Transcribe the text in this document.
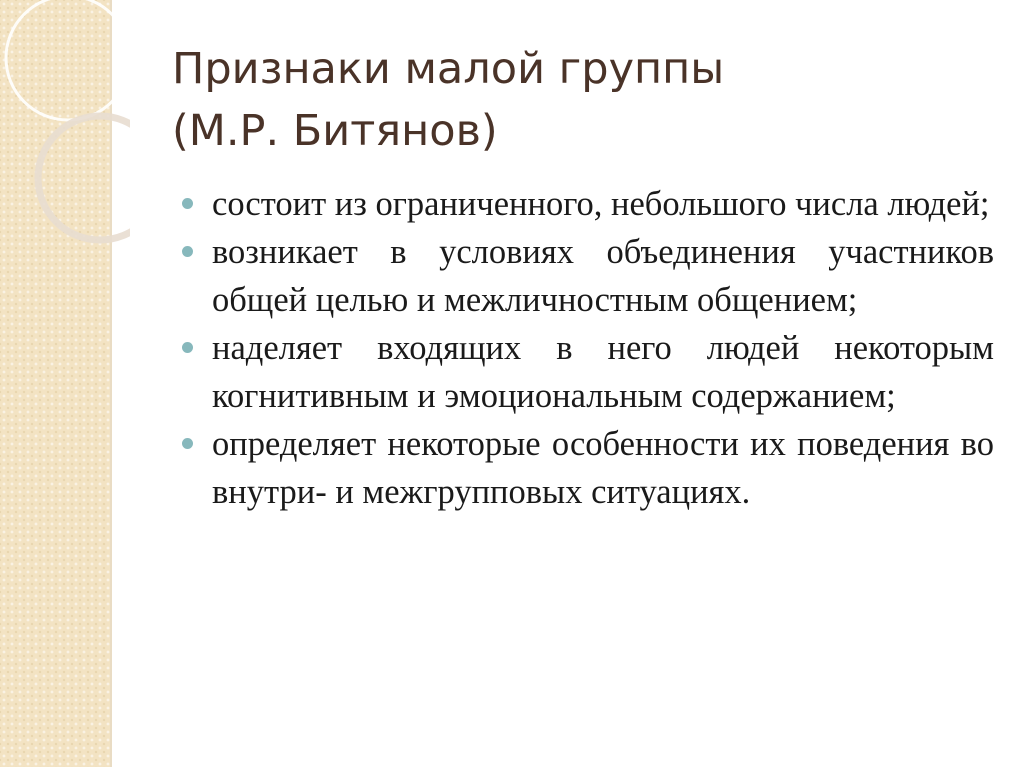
Признаки малой группы
(М.Р. Битянов)
состоит из ограниченного, небольшого числа людей;
возникает в условиях объединения участников общей целью и межличностным общением;
наделяет входящих в него людей некоторым когнитивным и эмоциональным содержанием;
определяет некоторые особенности их поведения во внутри- и межгрупповых ситуациях.
